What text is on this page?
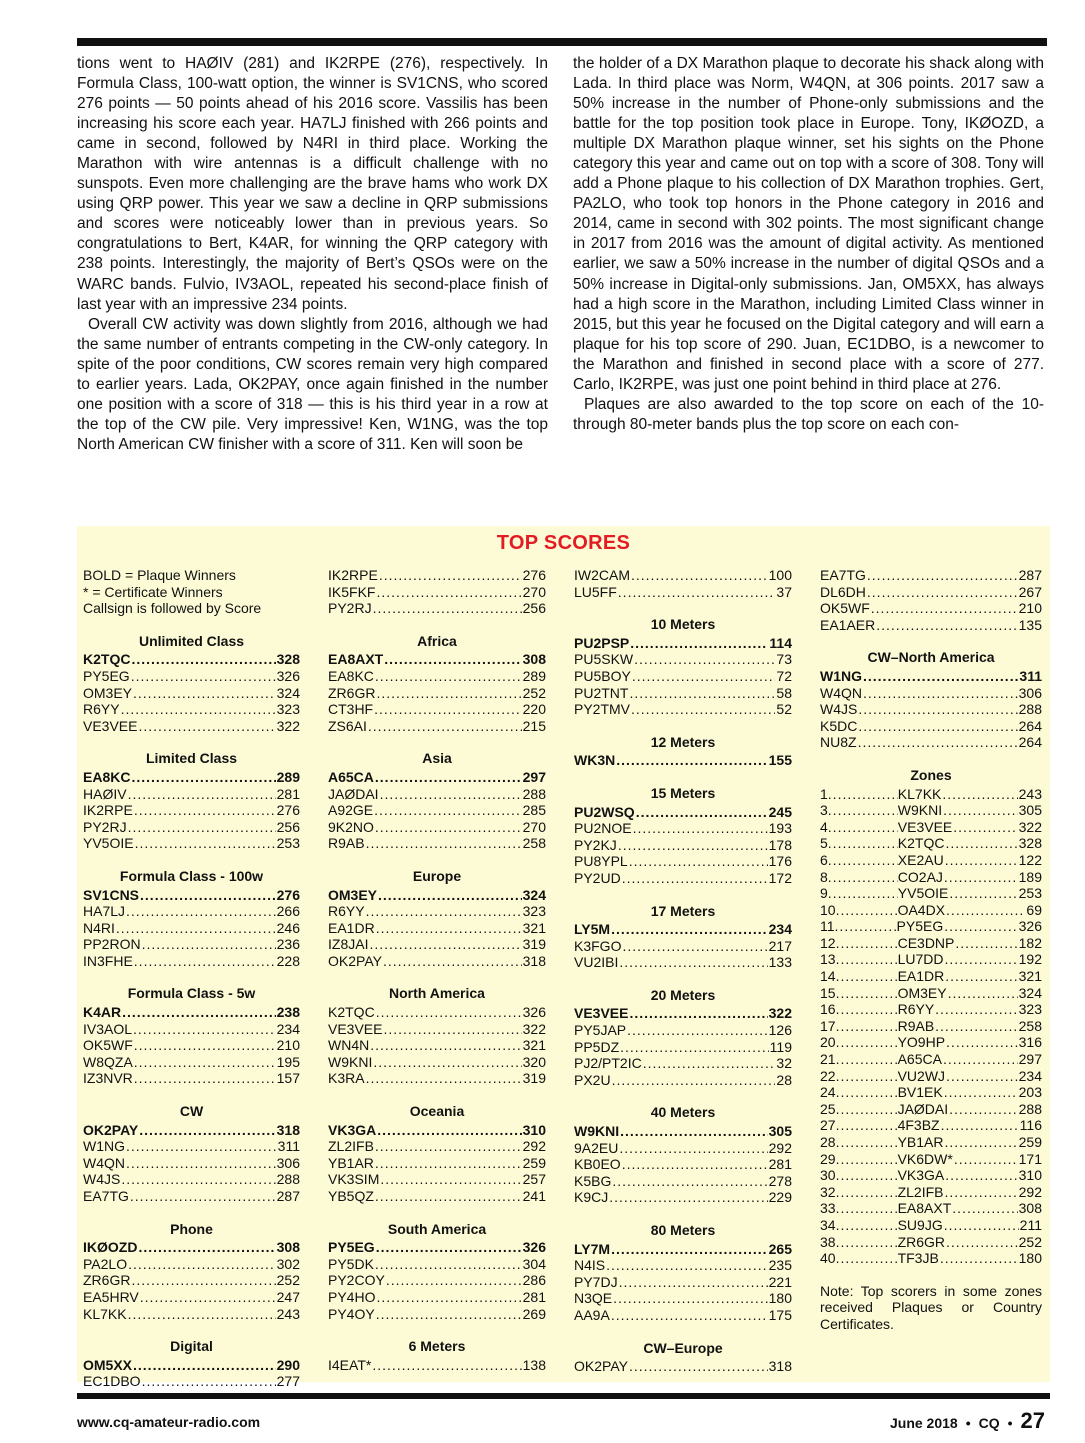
tions went to HAØIV (281) and IK2RPE (276), respectively. In Formula Class, 100-watt option, the winner is SV1CNS, who scored 276 points — 50 points ahead of his 2016 score. Vassilis has been increasing his score each year. HA7LJ finished with 266 points and came in second, followed by N4RI in third place. Working the Marathon with wire antennas is a difficult challenge with no sunspots. Even more challenging are the brave hams who work DX using QRP power. This year we saw a decline in QRP submissions and scores were noticeably lower than in previous years. So congratulations to Bert, K4AR, for winning the QRP category with 238 points. Interestingly, the majority of Bert’s QSOs were on the WARC bands. Fulvio, IV3AOL, repeated his second-place finish of last year with an impressive 234 points.

Overall CW activity was down slightly from 2016, although we had the same number of entrants competing in the CW-only category. In spite of the poor conditions, CW scores remain very high compared to earlier years. Lada, OK2PAY, once again finished in the number one position with a score of 318 — this is his third year in a row at the top of the CW pile. Very impressive! Ken, W1NG, was the top North American CW finisher with a score of 311. Ken will soon be

the holder of a DX Marathon plaque to decorate his shack along with Lada. In third place was Norm, W4QN, at 306 points. 2017 saw a 50% increase in the number of Phone-only submissions and the battle for the top position took place in Europe. Tony, IKØOZD, a multiple DX Marathon plaque winner, set his sights on the Phone category this year and came out on top with a score of 308. Tony will add a Phone plaque to his collection of DX Marathon trophies. Gert, PA2LO, who took top honors in the Phone category in 2016 and 2014, came in second with 302 points. The most significant change in 2017 from 2016 was the amount of digital activity. As mentioned earlier, we saw a 50% increase in the number of digital QSOs and a 50% increase in Digital-only submissions. Jan, OM5XX, has always had a high score in the Marathon, including Limited Class winner in 2015, but this year he focused on the Digital category and will earn a plaque for his top score of 290. Juan, EC1DBO, is a newcomer to the Marathon and finished in second place with a score of 277. Carlo, IK2RPE, was just one point behind in third place at 276.

Plaques are also awarded to the top score on each of the 10- through 80-meter bands plus the top score on each con-

TOP SCORES
BOLD = Plaque Winners
* = Certificate Winners
Callsign is followed by Score
Unlimited Class
K2TQC .....	328
PY5EG .....	326
OM3EY .....	324
R6YY .....	323
VE3VEE .....	322
Limited Class
EA8KC .....	289
HAØIV .....	281
IK2RPE .....	276
PY2RJ .....	256
YV5OIE .....	253
Formula Class - 100w
SV1CNS .....	276
HA7LJ .....	266
N4RI .....	246
PP2RON .....	236
IN3FHE .....	228
Formula Class - 5w
K4AR .....	238
IV3AOL .....	234
OK5WF .....	210
W8QZA .....	195
IZ3NVR .....	157
CW
OK2PAY .....	318
W1NG .....	311
W4QN .....	306
W4JS .....	288
EA7TG .....	287
Phone
IKØOZD .....	308
PA2LO .....	302
ZR6GR .....	252
EA5HRV .....	247
KL7KK .....	243
Digital
OM5XX .....	290
EC1DBO .....	277
IK2RPE .....	276
IK5FKF .....	270
PY2RJ .....	256
Africa
EA8AXT .....	308
EA8KC .....	289
ZR6GR .....	252
CT3HF .....	220
ZS6AI .....	215
Asia
A65CA .....	297
JAØDAI .....	288
A92GE .....	285
9K2NO .....	270
R9AB .....	258
Europe
OM3EY .....	324
R6YY .....	323
EA1DR .....	321
IZ8JAI .....	319
OK2PAY .....	318
North America
K2TQC .....	326
VE3VEE .....	322
WN4N .....	321
W9KNI .....	320
K3RA .....	319
Oceania
VK3GA .....	310
ZL2IFB .....	292
YB1AR .....	259
VK3SIM .....	257
YB5QZ .....	241
South America
PY5EG .....	326
PY5DK .....	304
PY2COY .....	286
PY4HO .....	281
PY4OY .....	269
6 Meters
I4EAT* .....	138
IW2CAM .....	100
LU5FF .....	37
10 Meters
PU2PSP .....	114
PU5SKW .....	73
PU5BOY .....	72
PU2TNT .....	58
PY2TMV .....	52
12 Meters
WK3N .....	155
15 Meters
PU2WSQ .....	245
PU2NOE .....	193
PY2KJ .....	178
PU8YPL .....	176
PY2UD .....	172
17 Meters
LY5M .....	234
K3FGO .....	217
VU2IBI .....	133
20 Meters
VE3VEE .....	322
PY5JAP .....	126
PP5DZ .....	119
PJ2/PT2IC .....	32
PX2U .....	28
40 Meters
W9KNI .....	305
9A2EU .....	292
KB0EO .....	281
K5BG .....	278
K9CJ .....	229
80 Meters
LY7M .....	265
N4IS .....	235
PY7DJ .....	221
N3QE .....	180
AA9A .....	175
CW–Europe
OK2PAY .....	318
EA7TG .....	287
DL6DH .....	267
OK5WF .....	210
EA1AER .....	135
CW–North America
W1NG .....	311
W4QN .....	306
W4JS .....	288
K5DC .....	264
NU8Z .....	264
Zones
1 .....	KL7KK .....	243
3 .....	W9KNI .....	305
4 .....	VE3VEE .....	322
5 .....	K2TQC .....	328
6 .....	XE2AU .....	122
8 .....	CO2AJ .....	189
9 .....	YV5OIE .....	253
10 .....	OA4DX .....	69
11 .....	PY5EG .....	326
12 .....	CE3DNP .....	182
13 .....	LU7DD .....	192
14 .....	EA1DR .....	321
15 .....	OM3EY .....	324
16 .....	R6YY .....	323
17 .....	R9AB .....	258
20 .....	YO9HP .....	316
21 .....	A65CA .....	297
22 .....	VU2WJ .....	234
24 .....	BV1EK .....	203
25 .....	JAØDAI .....	288
27 .....	4F3BZ .....	116
28 .....	YB1AR .....	259
29 .....	VK6DW* .....	171
30 .....	VK3GA .....	310
32 .....	ZL2IFB .....	292
33 .....	EA8AXT .....	308
34 .....	SU9JG .....	211
38 .....	ZR6GR .....	252
40 .....	TF3JB .....	180
Note: Top scorers in some zones received Plaques or Country Certificates.
www.cq-amateur-radio.com	June 2018 • CQ • 27
